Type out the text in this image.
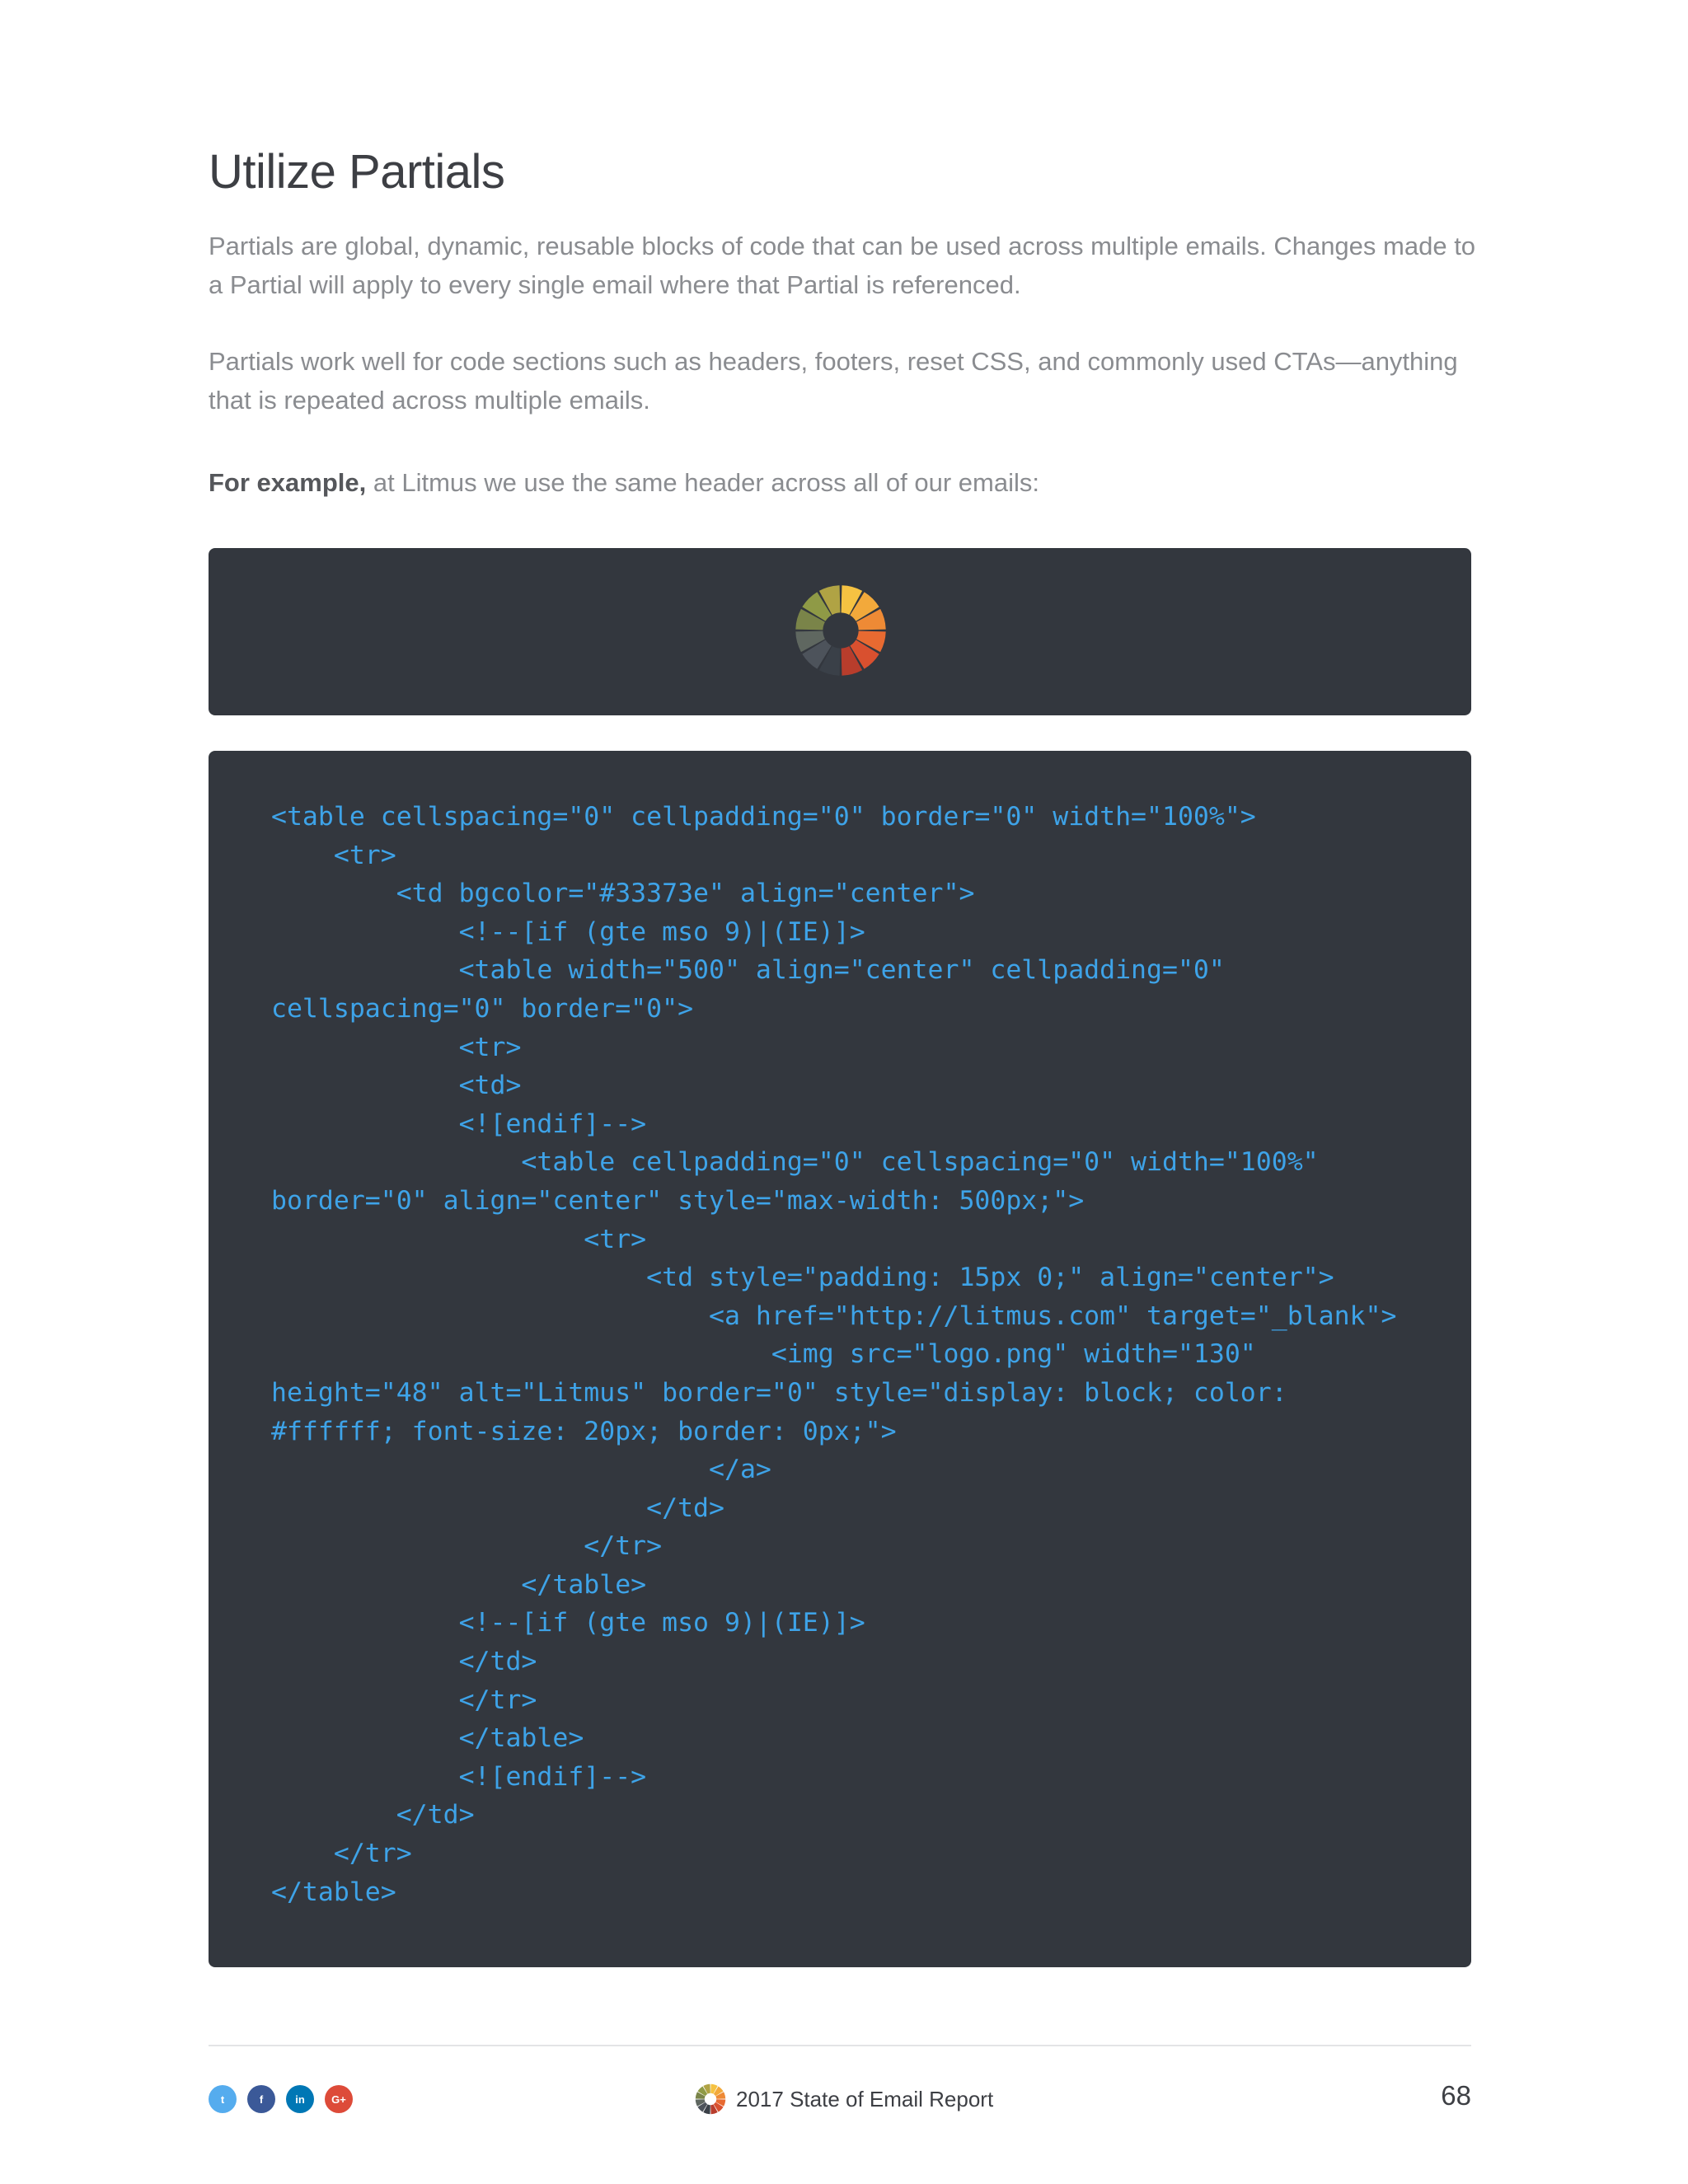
Utilize Partials

Partials are global, dynamic, reusable blocks of code that can be used across multiple emails. Changes made to a Partial will apply to every single email where that Partial is referenced.

Partials work well for code sections such as headers, footers, reset CSS, and commonly used CTAs—anything that is repeated across multiple emails.

For example, at Litmus we use the same header across all of our emails:

<table cellspacing="0" cellpadding="0" border="0" width="100%">
<tr>
<td bgcolor="#33373e" align="center">
<!--[if (gte mso 9)|(IE)]>
<table width="500" align="center" cellpadding="0"
cellspacing="0" border="0">
<tr>
<td>
<![endif]-->
<table cellpadding="0" cellspacing="0" width="100%"
border="0" align="center" style="max-width: 500px;">
<tr>
<td style="padding: 15px 0;" align="center">
<a href="http://litmus.com" target="_blank">
<img src="logo.png" width="130"
height="48" alt="Litmus" border="0" style="display: block; color:
#ffffff; font-size: 20px; border: 0px;">
</a>
</td>
</tr>
</table>
<!--[if (gte mso 9)|(IE)]>
</td>
</tr>
</table>
<![endif]-->
</td>
</tr>
</table>
t	f	in	G+	2017 State of Email Report	68
